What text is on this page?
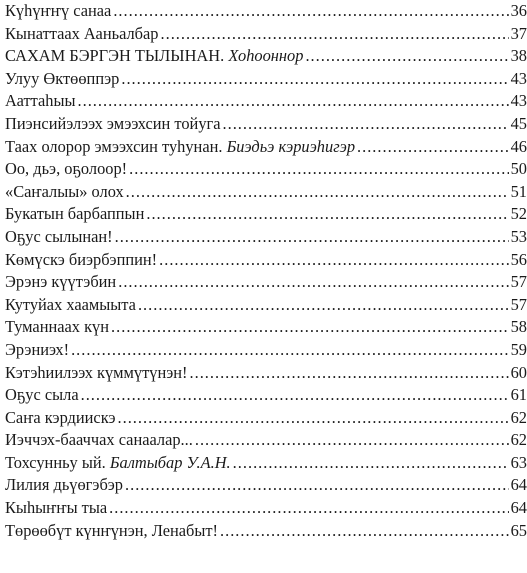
Күһүҥҥү санаа .....	36
Кынаттаах Ааньалбар .....	37
САХАМ БЭРГЭН ТЫЛЫНАН. Хоһооннор .....	38
Улуу Өктөөппэр .....	43
Ааттаһыы .....	43
Пиэнсийэлээх эмээхсин тойуга .....	45
Таах олорор эмээхсин туһунан. Биэдьэ кэриэһигэр .....	46
Оо, дьэ, оҕолоор! .....	50
«Саҥалыы» олох .....	51
Букатын барбаппын .....	52
Оҕус сылынан! .....	53
Көмүскэ биэрбэппин! .....	56
Эрэнэ күүтэбин .....	57
Кутуйах хаамыыта .....	57
Туманнаах күн .....	58
Эрэниэх! .....	59
Кэтэһиилээх күммүтүнэн! .....	60
Оҕус сыла .....	61
Саҥа кэрдиискэ .....	62
Иэччэх-бааччах санаалар... .....	62
Тохсунньу ый. Балтыбар У.А.Н. .....	63
Лилия дьүөгэбэр .....	64
Кыһыҥҥы тыа .....	64
Төрөөбүт күнҥүнэн, Ленабыт! .....	65
